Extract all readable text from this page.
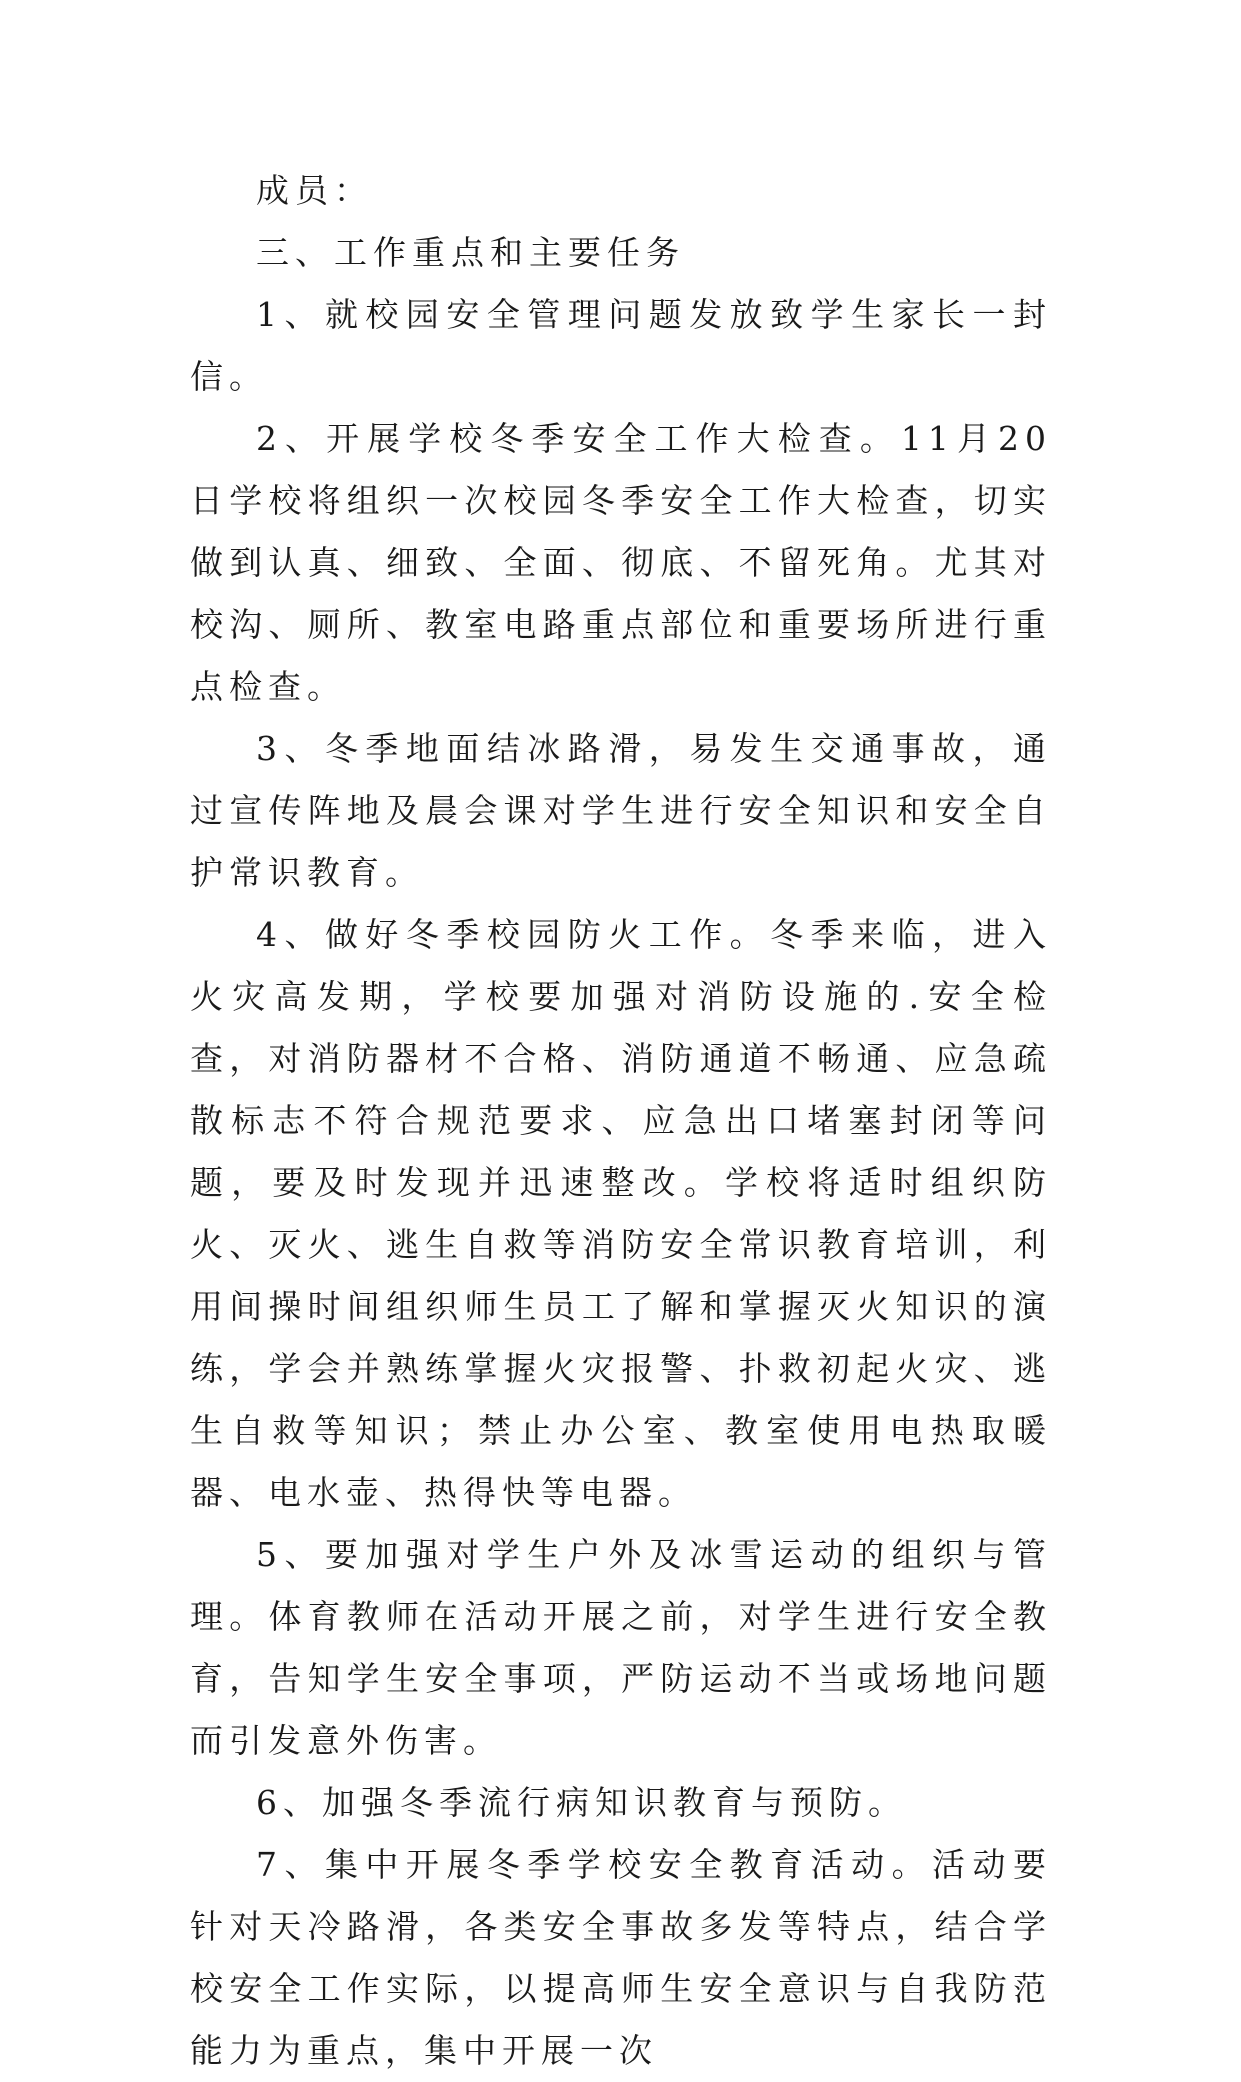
成员：

三、工作重点和主要任务

1、就校园安全管理问题发放致学生家长一封信。

2、开展学校冬季安全工作大检查。11月20日学校将组织一次校园冬季安全工作大检查，切实做到认真、细致、全面、彻底、不留死角。尤其对校沟、厕所、教室电路重点部位和重要场所进行重点检查。

3、冬季地面结冰路滑，易发生交通事故，通过宣传阵地及晨会课对学生进行安全知识和安全自护常识教育。

4、做好冬季校园防火工作。冬季来临，进入火灾高发期，学校要加强对消防设施的.安全检查，对消防器材不合格、消防通道不畅通、应急疏散标志不符合规范要求、应急出口堵塞封闭等问题，要及时发现并迅速整改。学校将适时组织防火、灭火、逃生自救等消防安全常识教育培训，利用间操时间组织师生员工了解和掌握灭火知识的演练，学会并熟练掌握火灾报警、扑救初起火灾、逃生自救等知识；禁止办公室、教室使用电热取暖器、电水壶、热得快等电器。

5、要加强对学生户外及冰雪运动的组织与管理。体育教师在活动开展之前，对学生进行安全教育，告知学生安全事项，严防运动不当或场地问题而引发意外伤害。

6、加强冬季流行病知识教育与预防。

7、集中开展冬季学校安全教育活动。活动要针对天冷路滑，各类安全事故多发等特点，结合学校安全工作实际，以提高师生安全意识与自我防范能力为重点，集中开展一次
